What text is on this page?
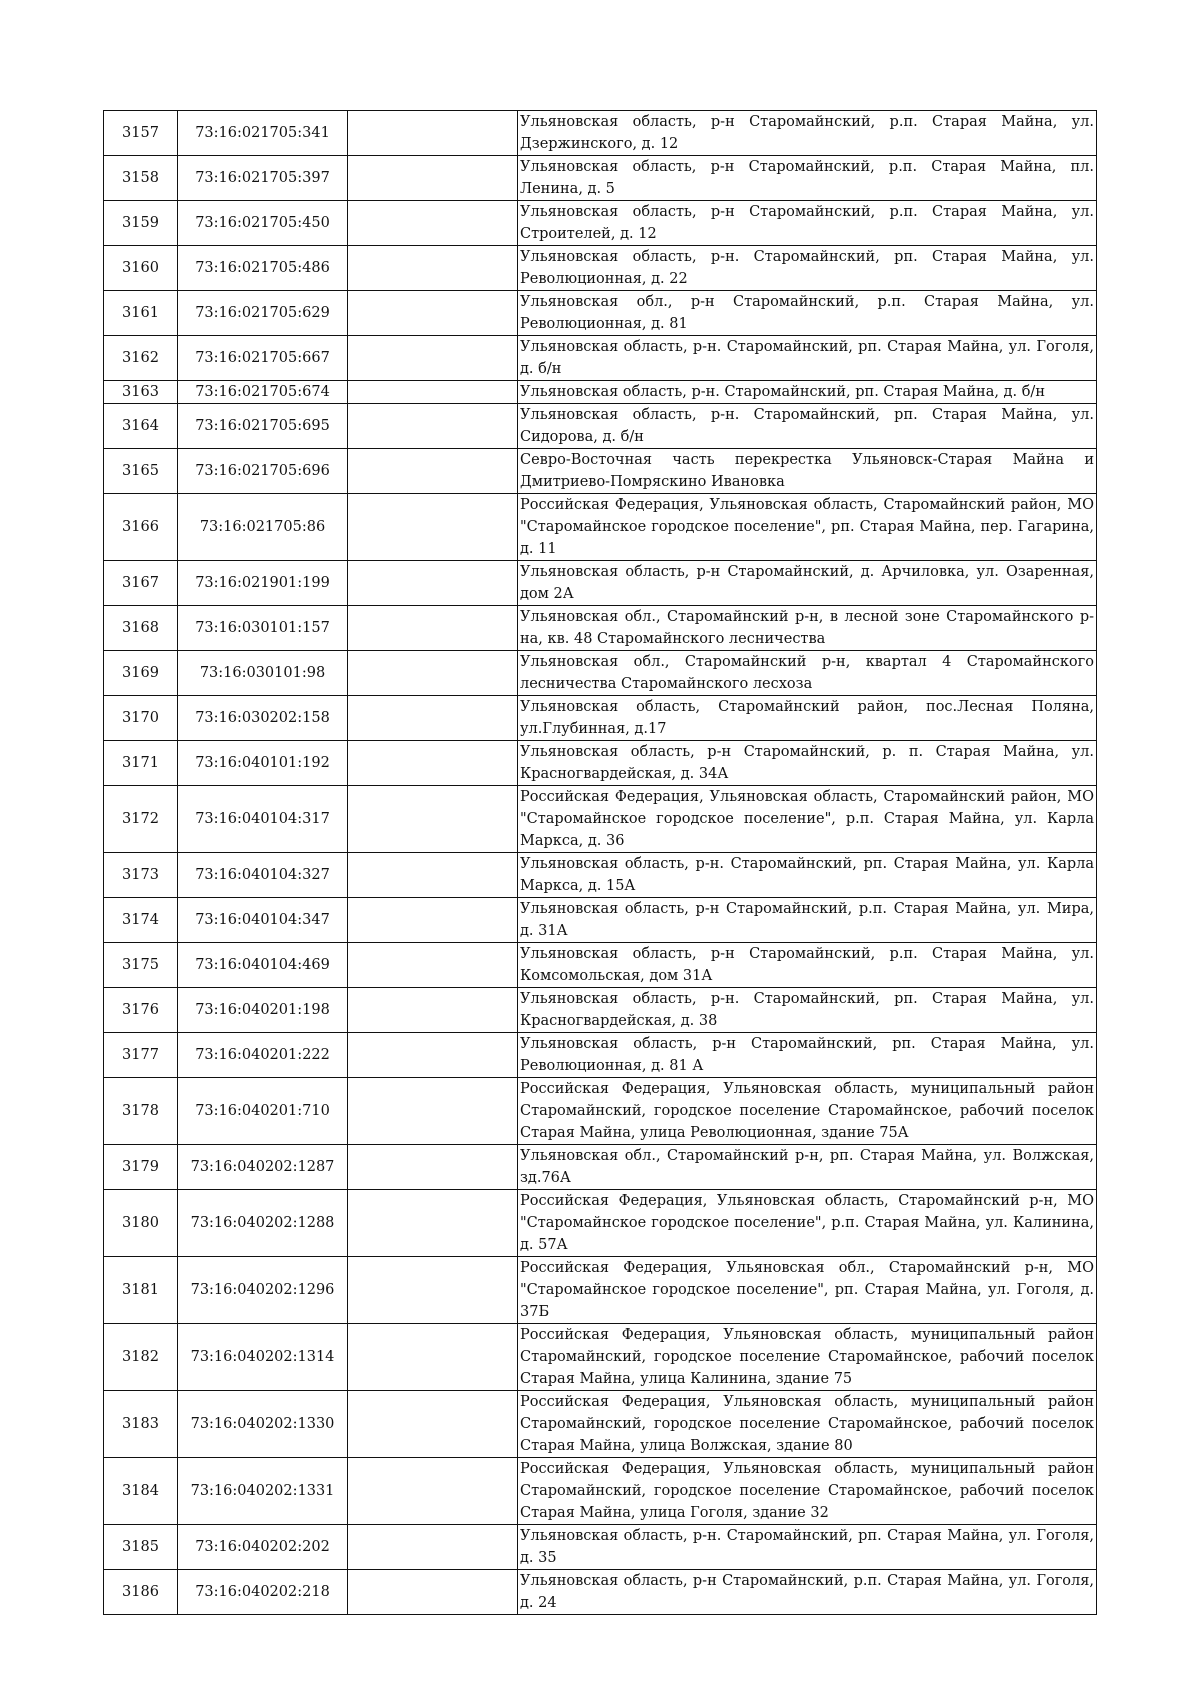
3157	73:16:021705:341		Ульяновская область, р-н Старомайнский, р.п. Старая Майна, ул. Дзержинского, д. 12
3158	73:16:021705:397		Ульяновская область, р-н Старомайнский, р.п. Старая Майна, пл. Ленина, д. 5
3159	73:16:021705:450		Ульяновская область, р-н Старомайнский, р.п. Старая Майна, ул. Строителей, д. 12
3160	73:16:021705:486		Ульяновская область, р-н. Старомайнский, рп. Старая Майна, ул. Революционная, д. 22
3161	73:16:021705:629		Ульяновская обл., р-н Старомайнский, р.п. Старая Майна, ул. Революционная, д. 81
3162	73:16:021705:667		Ульяновская область, р-н. Старомайнский, рп. Старая Майна, ул. Гоголя, д. б/н
3163	73:16:021705:674		Ульяновская область, р-н. Старомайнский, рп. Старая Майна, д. б/н
3164	73:16:021705:695		Ульяновская область, р-н. Старомайнский, рп. Старая Майна, ул. Сидорова, д. б/н
3165	73:16:021705:696		Севро-Восточная часть перекрестка Ульяновск-Старая Майна и Дмитриево-Помряскино Ивановка
3166	73:16:021705:86		Российская Федерация, Ульяновская область, Старомайнский район, МО "Старомайнское городское поселение", рп. Старая Майна, пер. Гагарина, д. 11
3167	73:16:021901:199		Ульяновская область, р-н Старомайнский, д. Арчиловка, ул. Озаренная, дом 2А
3168	73:16:030101:157		Ульяновская обл., Старомайнский р-н, в лесной зоне Старомайнского р-на, кв. 48 Старомайнского лесничества
3169	73:16:030101:98		Ульяновская обл., Старомайнский р-н, квартал 4 Старомайнского лесничества Старомайнского лесхоза
3170	73:16:030202:158		Ульяновская область, Старомайнский район, пос.Лесная Поляна, ул.Глубинная, д.17
3171	73:16:040101:192		Ульяновская область, р-н Старомайнский, р. п. Старая Майна, ул. Красногвардейская, д. 34А
3172	73:16:040104:317		Российская Федерация, Ульяновская область, Старомайнский район, МО "Старомайнское городское поселение", р.п. Старая Майна, ул. Карла Маркса, д. 36
3173	73:16:040104:327		Ульяновская область, р-н. Старомайнский, рп. Старая Майна, ул. Карла Маркса, д. 15А
3174	73:16:040104:347		Ульяновская область, р-н Старомайнский, р.п. Старая Майна, ул. Мира, д. 31А
3175	73:16:040104:469		Ульяновская область, р-н Старомайнский, р.п. Старая Майна, ул. Комсомольская, дом 31А
3176	73:16:040201:198		Ульяновская область, р-н. Старомайнский, рп. Старая Майна, ул. Красногвардейская, д. 38
3177	73:16:040201:222		Ульяновская область, р-н Старомайнский, рп. Старая Майна, ул. Революционная, д. 81 А
3178	73:16:040201:710		Российская Федерация, Ульяновская область, муниципальный район Старомайнский, городское поселение Старомайнское, рабочий поселок Старая Майна, улица Революционная, здание 75А
3179	73:16:040202:1287		Ульяновская обл., Старомайнский р-н, рп. Старая Майна, ул. Волжская, зд.76А
3180	73:16:040202:1288		Российская Федерация, Ульяновская область, Старомайнский р-н, МО "Старомайнское городское поселение", р.п. Старая Майна, ул. Калинина, д. 57А
3181	73:16:040202:1296		Российская Федерация, Ульяновская обл., Старомайнский р-н, МО "Старомайнское городское поселение", рп. Старая Майна, ул. Гоголя, д. 37Б
3182	73:16:040202:1314		Российская Федерация, Ульяновская область, муниципальный район Старомайнский, городское поселение Старомайнское, рабочий поселок Старая Майна, улица Калинина, здание 75
3183	73:16:040202:1330		Российская Федерация, Ульяновская область, муниципальный район Старомайнский, городское поселение Старомайнское, рабочий поселок Старая Майна, улица Волжская, здание 80
3184	73:16:040202:1331		Российская Федерация, Ульяновская область, муниципальный район Старомайнский, городское поселение Старомайнское, рабочий поселок Старая Майна, улица Гоголя, здание 32
3185	73:16:040202:202		Ульяновская область, р-н. Старомайнский, рп. Старая Майна, ул. Гоголя, д. 35
3186	73:16:040202:218		Ульяновская область, р-н Старомайнский, р.п. Старая Майна, ул. Гоголя, д. 24
